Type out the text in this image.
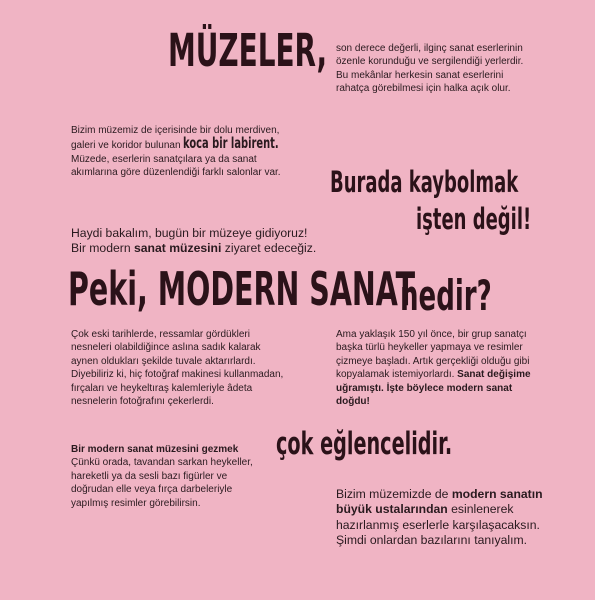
MÜZELER, son derece değerli, ilginç sanat eserlerinin özenle korunduğu ve sergilendiği yerlerdir. Bu mekânlar herkesin sanat eserlerini rahatça görebilmesi için halka açık olur.

Bizim müzemiz de içerisinde bir dolu merdiven, galeri ve koridor bulunan koca bir labirent. Müzede, eserlerin sanatçılara ya da sanat akımlarına göre düzenlendiği farklı salonlar var.	Burada kaybolmak
işten değil!

Haydi bakalım, bugün bir müzeye gidiyoruz!
Bir modern sanat müzesini ziyaret edeceğiz.

Peki, MODERN SANAT
nedir?

Çok eski tarihlerde, ressamlar gördükleri nesneleri olabildiğince aslına sadık kalarak aynen oldukları şekilde tuvale aktarırlardı. Diyebiliriz ki, hiç fotoğraf makinesi kullanmadan, fırçaları ve heykeltıraş kalemleriyle âdeta nesnelerin fotoğrafını çekerlerdi.

Ama yaklaşık 150 yıl önce, bir grup sanatçı başka türlü heykeller yapmaya ve resimler çizmeye başladı. Artık gerçekliği olduğu gibi kopyalamak istemiyorlardı. Sanat değişime uğramıştı. İşte böylece modern sanat doğdu!

Bir modern sanat müzesini gezmek
Çünkü orada, tavandan sarkan heykeller, hareketli ya da sesli bazı figürler ve doğrudan elle veya fırça darbeleriyle yapılmış resimler görebilirsin.

çok eğlencelidir.

Bizim müzemizde de modern sanatın büyük ustalarından esinlenerek hazırlanmış eserlerle karşılaşacaksın. Şimdi onlardan bazılarını tanıyalım.
